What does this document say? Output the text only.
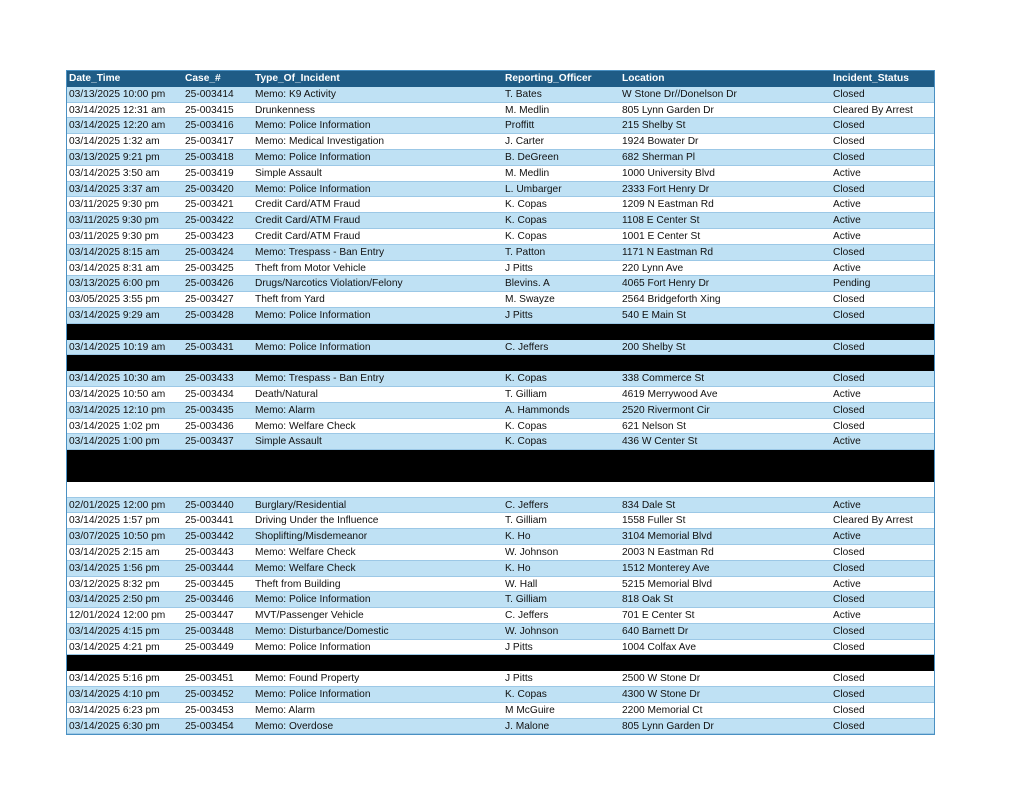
Date_Time	Case_#	Type_Of_Incident	Reporting_Officer	Location	Incident_Status
03/13/2025 10:00 pm	25-003414	Memo: K9 Activity	T. Bates	W Stone Dr//Donelson Dr	Closed
03/14/2025 12:31 am	25-003415	Drunkenness	M. Medlin	805 Lynn Garden Dr	Cleared By Arrest
03/14/2025 12:20 am	25-003416	Memo: Police Information	Proffitt	215 Shelby St	Closed
03/14/2025 1:32 am	25-003417	Memo: Medical Investigation	J. Carter	1924 Bowater Dr	Closed
03/13/2025 9:21 pm	25-003418	Memo: Police Information	B. DeGreen	682 Sherman Pl	Closed
03/14/2025 3:50 am	25-003419	Simple Assault	M. Medlin	1000 University Blvd	Active
03/14/2025 3:37 am	25-003420	Memo: Police Information	L. Umbarger	2333 Fort Henry Dr	Closed
03/11/2025 9:30 pm	25-003421	Credit Card/ATM Fraud	K. Copas	1209 N Eastman Rd	Active
03/11/2025 9:30 pm	25-003422	Credit Card/ATM Fraud	K. Copas	1108 E Center St	Active
03/11/2025 9:30 pm	25-003423	Credit Card/ATM Fraud	K. Copas	1001 E Center St	Active
03/14/2025 8:15 am	25-003424	Memo: Trespass - Ban Entry	T. Patton	1171 N Eastman Rd	Closed
03/14/2025 8:31 am	25-003425	Theft from Motor Vehicle	J Pitts	220 Lynn Ave	Active
03/13/2025 6:00 pm	25-003426	Drugs/Narcotics Violation/Felony	Blevins. A	4065 Fort Henry Dr	Pending
03/05/2025 3:55 pm	25-003427	Theft from Yard	M. Swayze	2564 Bridgeforth Xing	Closed
03/14/2025 9:29 am	25-003428	Memo: Police Information	J Pitts	540 E Main St	Closed
03/14/2025 10:19 am	25-003431	Memo: Police Information	C. Jeffers	200 Shelby St	Closed
03/14/2025 10:30 am	25-003433	Memo: Trespass - Ban Entry	K. Copas	338 Commerce St	Closed
03/14/2025 10:50 am	25-003434	Death/Natural	T. Gilliam	4619 Merrywood Ave	Active
03/14/2025 12:10 pm	25-003435	Memo: Alarm	A. Hammonds	2520 Rivermont Cir	Closed
03/14/2025 1:02 pm	25-003436	Memo: Welfare Check	K. Copas	621 Nelson St	Closed
03/14/2025 1:00 pm	25-003437	Simple Assault	K. Copas	436 W Center St	Active
02/01/2025 12:00 pm	25-003440	Burglary/Residential	C. Jeffers	834 Dale St	Active
03/14/2025 1:57 pm	25-003441	Driving Under the Influence	T. Gilliam	1558 Fuller St	Cleared By Arrest
03/07/2025 10:50 pm	25-003442	Shoplifting/Misdemeanor	K. Ho	3104 Memorial Blvd	Active
03/14/2025 2:15 am	25-003443	Memo: Welfare Check	W. Johnson	2003 N Eastman Rd	Closed
03/14/2025 1:56 pm	25-003444	Memo: Welfare Check	K. Ho	1512 Monterey Ave	Closed
03/12/2025 8:32 pm	25-003445	Theft from Building	W. Hall	5215 Memorial Blvd	Active
03/14/2025 2:50 pm	25-003446	Memo: Police Information	T. Gilliam	818 Oak St	Closed
12/01/2024 12:00 pm	25-003447	MVT/Passenger Vehicle	C. Jeffers	701 E Center St	Active
03/14/2025 4:15 pm	25-003448	Memo: Disturbance/Domestic	W. Johnson	640 Barnett Dr	Closed
03/14/2025 4:21 pm	25-003449	Memo: Police Information	J Pitts	1004 Colfax Ave	Closed
03/14/2025 5:16 pm	25-003451	Memo: Found Property	J Pitts	2500 W Stone Dr	Closed
03/14/2025 4:10 pm	25-003452	Memo: Police Information	K. Copas	4300 W Stone Dr	Closed
03/14/2025 6:23 pm	25-003453	Memo: Alarm	M McGuire	2200 Memorial Ct	Closed
03/14/2025 6:30 pm	25-003454	Memo: Overdose	J. Malone	805 Lynn Garden Dr	Closed
